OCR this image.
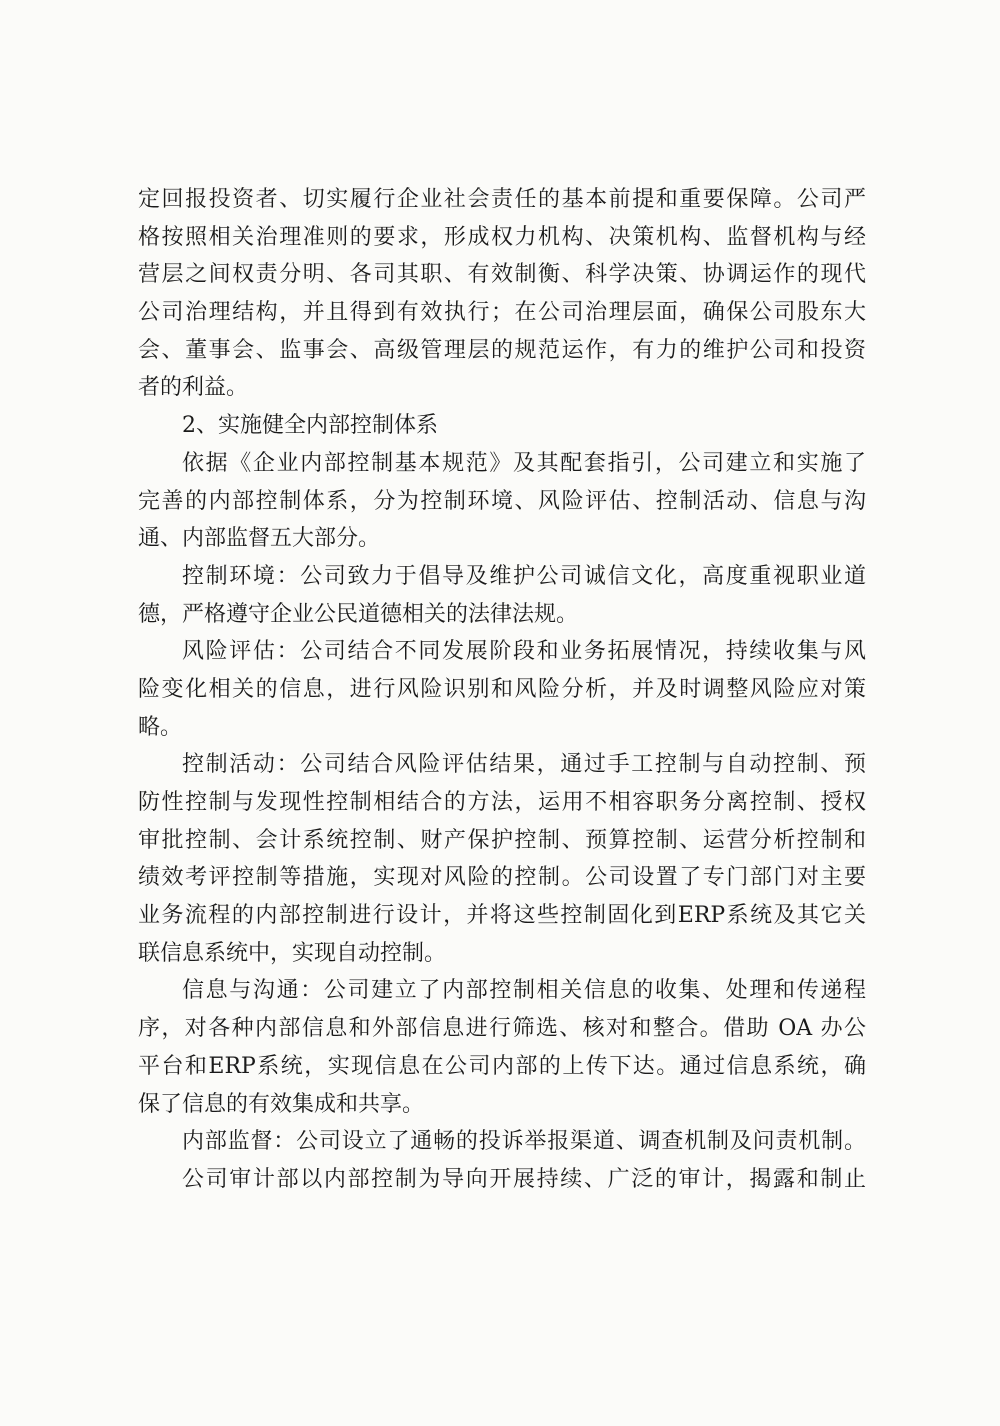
定回报投资者、切实履行企业社会责任的基本前提和重要保障。公司严
格按照相关治理准则的要求，形成权力机构、决策机构、监督机构与经
营层之间权责分明、各司其职、有效制衡、科学决策、协调运作的现代
公司治理结构，并且得到有效执行；在公司治理层面，确保公司股东大
会、董事会、监事会、高级管理层的规范运作，有力的维护公司和投资
者的利益。
2、实施健全内部控制体系
依据《企业内部控制基本规范》及其配套指引，公司建立和实施了
完善的内部控制体系，分为控制环境、风险评估、控制活动、信息与沟
通、内部监督五大部分。
控制环境：公司致力于倡导及维护公司诚信文化，高度重视职业道
德，严格遵守企业公民道德相关的法律法规。
风险评估：公司结合不同发展阶段和业务拓展情况，持续收集与风
险变化相关的信息，进行风险识别和风险分析，并及时调整风险应对策
略。
控制活动：公司结合风险评估结果，通过手工控制与自动控制、预
防性控制与发现性控制相结合的方法，运用不相容职务分离控制、授权
审批控制、会计系统控制、财产保护控制、预算控制、运营分析控制和
绩效考评控制等措施，实现对风险的控制。公司设置了专门部门对主要
业务流程的内部控制进行设计，并将这些控制固化到ERP系统及其它关
联信息系统中，实现自动控制。
信息与沟通：公司建立了内部控制相关信息的收集、处理和传递程
序，对各种内部信息和外部信息进行筛选、核对和整合。借助 OA 办公
平台和ERP系统，实现信息在公司内部的上传下达。通过信息系统，确
保了信息的有效集成和共享。
内部监督：公司设立了通畅的投诉举报渠道、调查机制及问责机制。
公司审计部以内部控制为导向开展持续、广泛的审计，揭露和制止
